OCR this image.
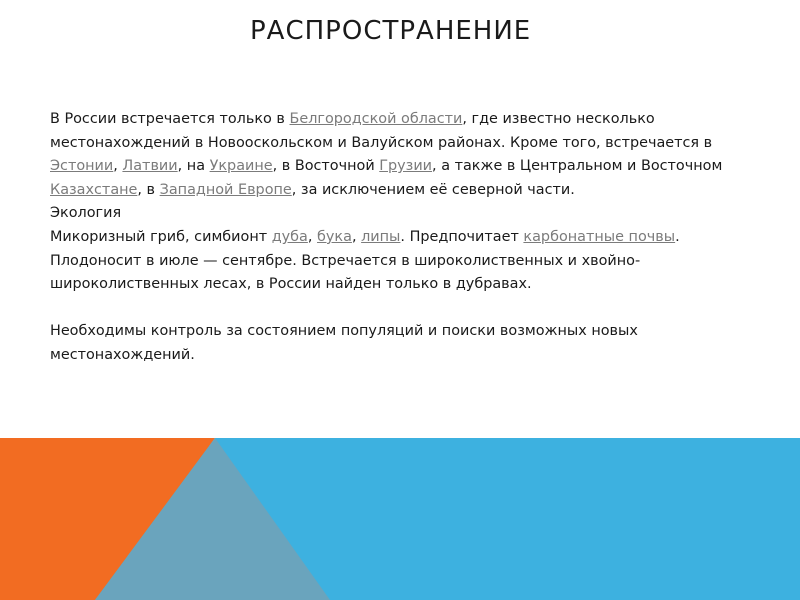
РАСПРОСТРАНЕНИЕ

В России встречается только в Белгородской области, где известно несколько местонахождений в Новооскольском и Валуйском районах. Кроме того, встречается в Эстонии, Латвии, на Украине, в Восточной Грузии, а также в Центральном и Восточном Казахстане, в Западной Европе, за исключением её северной части.

Экология

Микоризный гриб, симбионт дуба, бука, липы. Предпочитает карбонатные почвы. Плодоносит в июле — сентябре. Встречается в широколиственных и хвойно-широколиственных лесах, в России найден только в дубравах.

Необходимы контроль за состоянием популяций и поиски возможных новых местонахождений.
